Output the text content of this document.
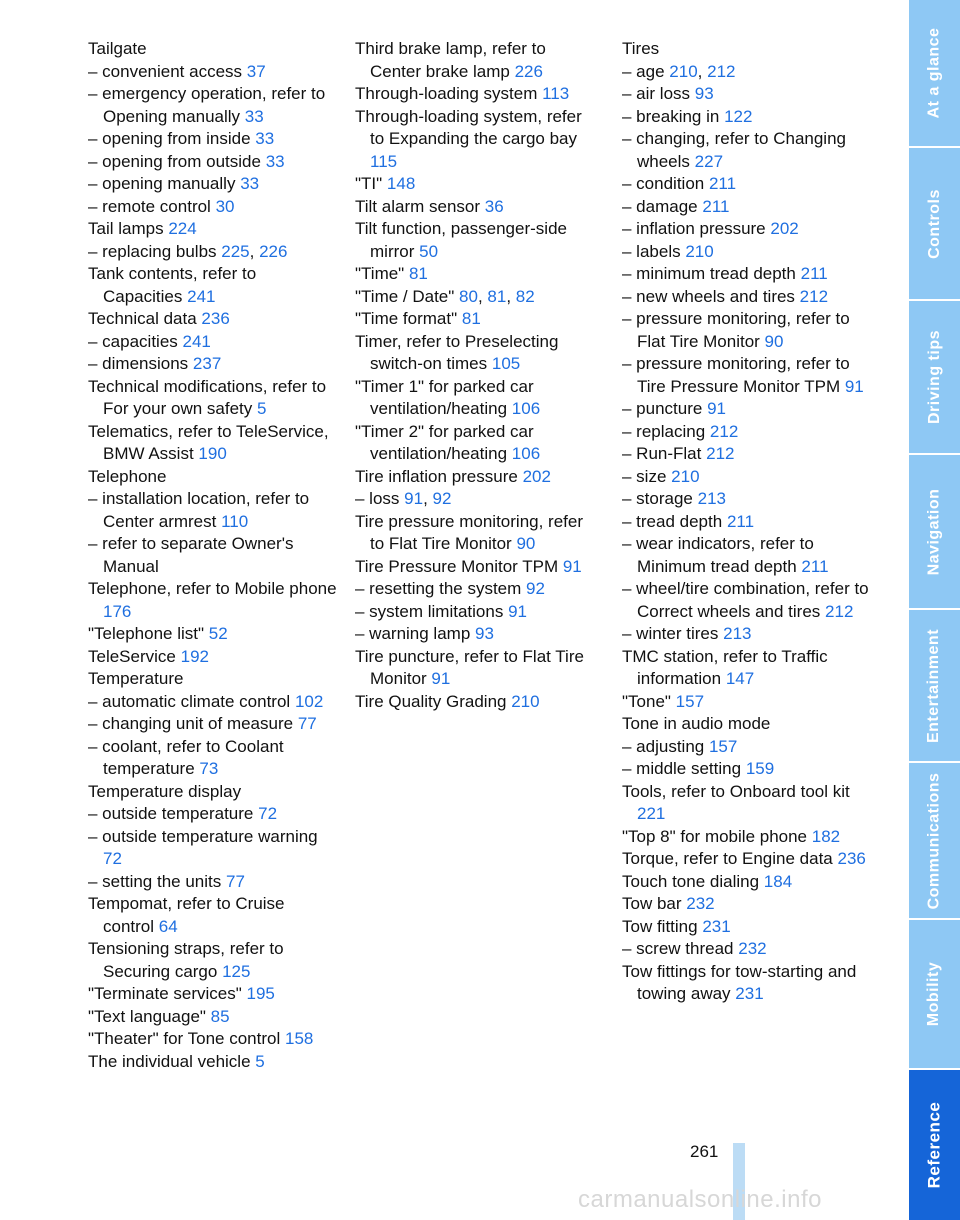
Tailgate
– convenient access 37
– emergency operation, refer to Opening manually 33
– opening from inside 33
– opening from outside 33
– opening manually 33
– remote control 30
Tail lamps 224
– replacing bulbs 225, 226
Tank contents, refer to Capacities 241
Technical data 236
– capacities 241
– dimensions 237
Technical modifications, refer to For your own safety 5
Telematics, refer to TeleService, BMW Assist 190
Telephone
– installation location, refer to Center armrest 110
– refer to separate Owner's Manual
Telephone, refer to Mobile phone 176
"Telephone list" 52
TeleService 192
Temperature
– automatic climate control 102
– changing unit of measure 77
– coolant, refer to Coolant temperature 73
Temperature display
– outside temperature 72
– outside temperature warning 72
– setting the units 77
Tempomat, refer to Cruise control 64
Tensioning straps, refer to Securing cargo 125
"Terminate services" 195
"Text language" 85
"Theater" for Tone control 158
The individual vehicle 5
Third brake lamp, refer to Center brake lamp 226
Through-loading system 113
Through-loading system, refer to Expanding the cargo bay 115
"TI" 148
Tilt alarm sensor 36
Tilt function, passenger-side mirror 50
"Time" 81
"Time / Date" 80, 81, 82
"Time format" 81
Timer, refer to Preselecting switch-on times 105
"Timer 1" for parked car ventilation/heating 106
"Timer 2" for parked car ventilation/heating 106
Tire inflation pressure 202
– loss 91, 92
Tire pressure monitoring, refer to Flat Tire Monitor 90
Tire Pressure Monitor TPM 91
– resetting the system 92
– system limitations 91
– warning lamp 93
Tire puncture, refer to Flat Tire Monitor 91
Tire Quality Grading 210
Tires
– age 210, 212
– air loss 93
– breaking in 122
– changing, refer to Changing wheels 227
– condition 211
– damage 211
– inflation pressure 202
– labels 210
– minimum tread depth 211
– new wheels and tires 212
– pressure monitoring, refer to Flat Tire Monitor 90
– pressure monitoring, refer to Tire Pressure Monitor TPM 91
– puncture 91
– replacing 212
– Run-Flat 212
– size 210
– storage 213
– tread depth 211
– wear indicators, refer to Minimum tread depth 211
– wheel/tire combination, refer to Correct wheels and tires 212
– winter tires 213
TMC station, refer to Traffic information 147
"Tone" 157
Tone in audio mode
– adjusting 157
– middle setting 159
Tools, refer to Onboard tool kit 221
"Top 8" for mobile phone 182
Torque, refer to Engine data 236
Touch tone dialing 184
Tow bar 232
Tow fitting 231
– screw thread 232
Tow fittings for tow-starting and towing away 231
At a glance
Controls
Driving tips
Navigation
Entertainment
Communications
Mobility
Reference
261
carmanualsonline.info
